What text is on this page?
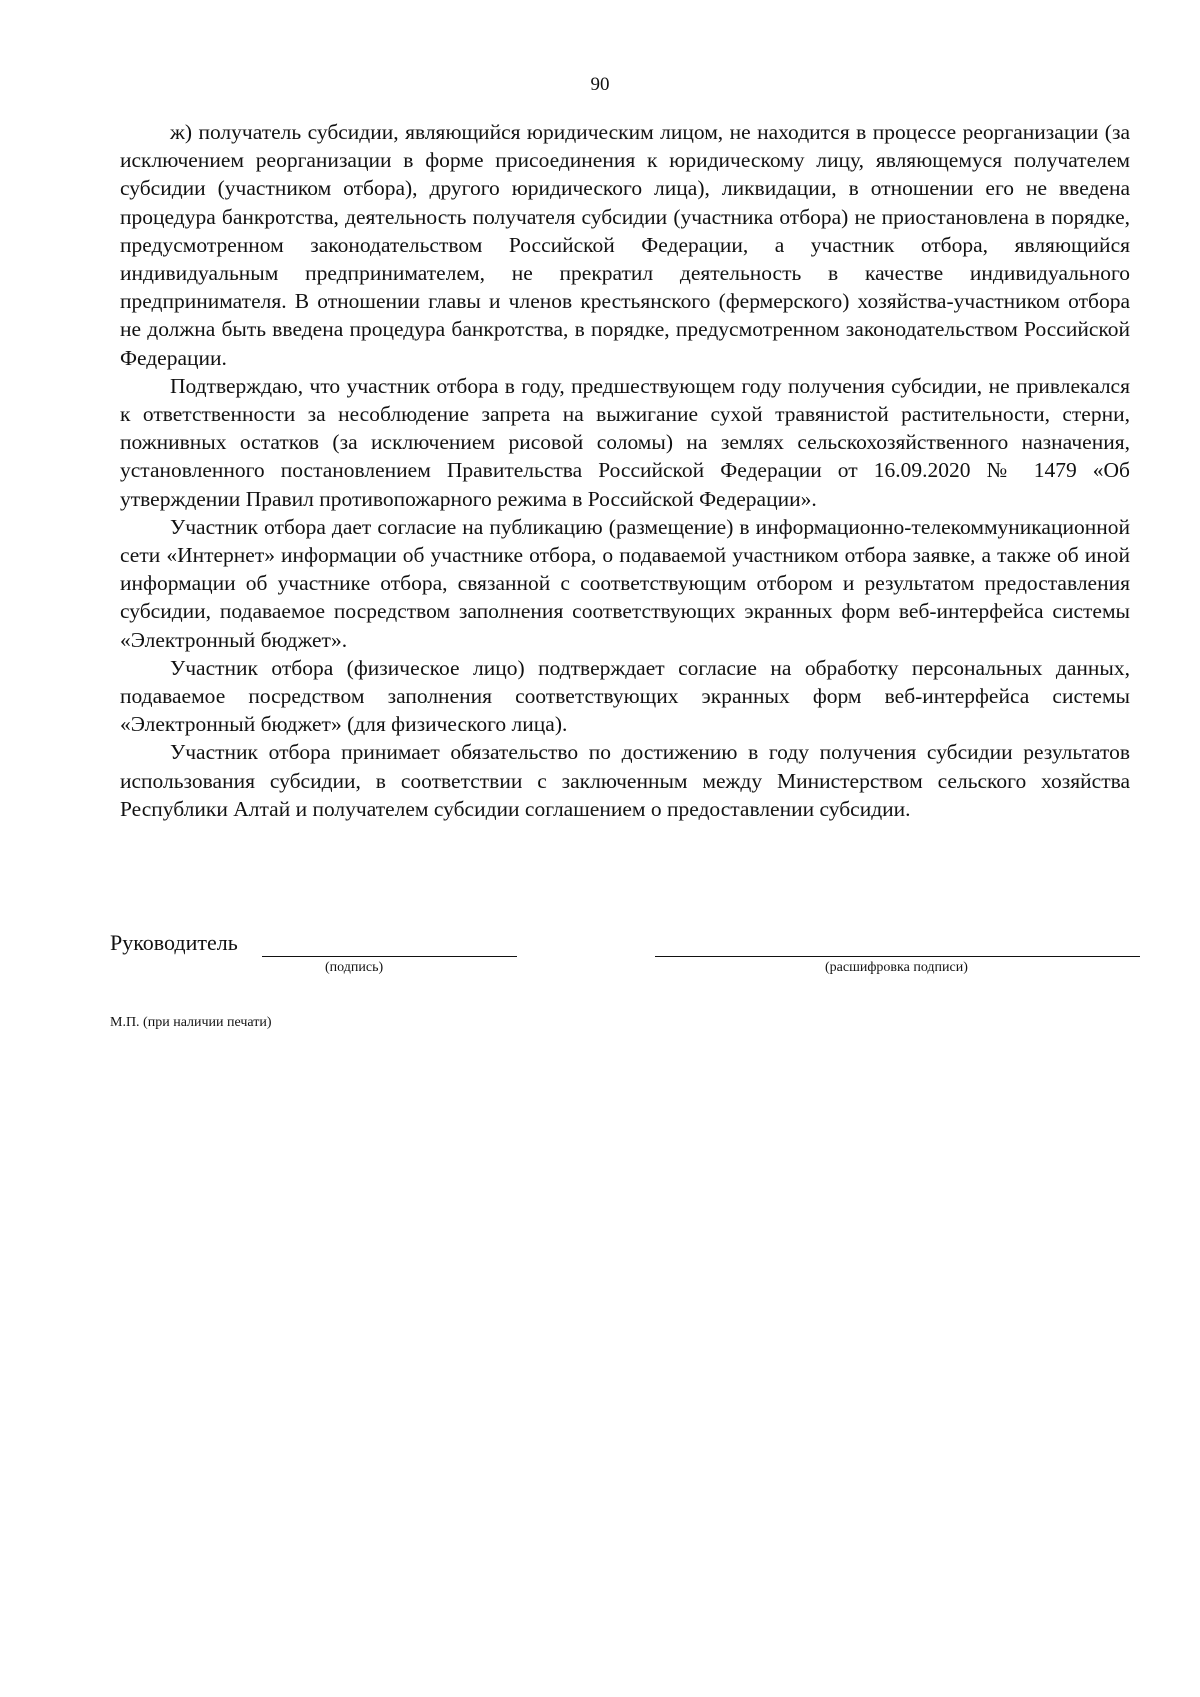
90

ж) получатель субсидии, являющийся юридическим лицом, не находится в процессе реорганизации (за исключением реорганизации в форме присоединения к юридическому лицу, являющемуся получателем субсидии (участником отбора), другого юридического лица), ликвидации, в отношении его не введена процедура банкротства, деятельность получателя субсидии (участника отбора) не приостановлена в порядке, предусмотренном законодательством Российской Федерации, а участник отбора, являющийся индивидуальным предпринимателем, не прекратил деятельность в качестве индивидуального предпринимателя. В отношении главы и членов крестьянского (фермерского) хозяйства-участником отбора не должна быть введена процедура банкротства, в порядке, предусмотренном законодательством Российской Федерации.

Подтверждаю, что участник отбора в году, предшествующем году получения субсидии, не привлекался к ответственности за несоблюдение запрета на выжигание сухой травянистой растительности, стерни, пожнивных остатков (за исключением рисовой соломы) на землях сельскохозяйственного назначения, установленного постановлением Правительства Российской Федерации от 16.09.2020 № 1479 «Об утверждении Правил противопожарного режима в Российской Федерации».

Участник отбора дает согласие на публикацию (размещение) в информационно-телекоммуникационной сети «Интернет» информации об участнике отбора, о подаваемой участником отбора заявке, а также об иной информации об участнике отбора, связанной с соответствующим отбором и результатом предоставления субсидии, подаваемое посредством заполнения соответствующих экранных форм веб-интерфейса системы «Электронный бюджет».

Участник отбора (физическое лицо) подтверждает согласие на обработку персональных данных, подаваемое посредством заполнения соответствующих экранных форм веб-интерфейса системы «Электронный бюджет» (для физического лица).

Участник отбора принимает обязательство по достижению в году получения субсидии результатов использования субсидии, в соответствии с заключенным между Министерством сельского хозяйства Республики Алтай и получателем субсидии соглашением о предоставлении субсидии.

Руководитель
(подпись)	(расшифровка подписи)
М.П. (при наличии печати)
